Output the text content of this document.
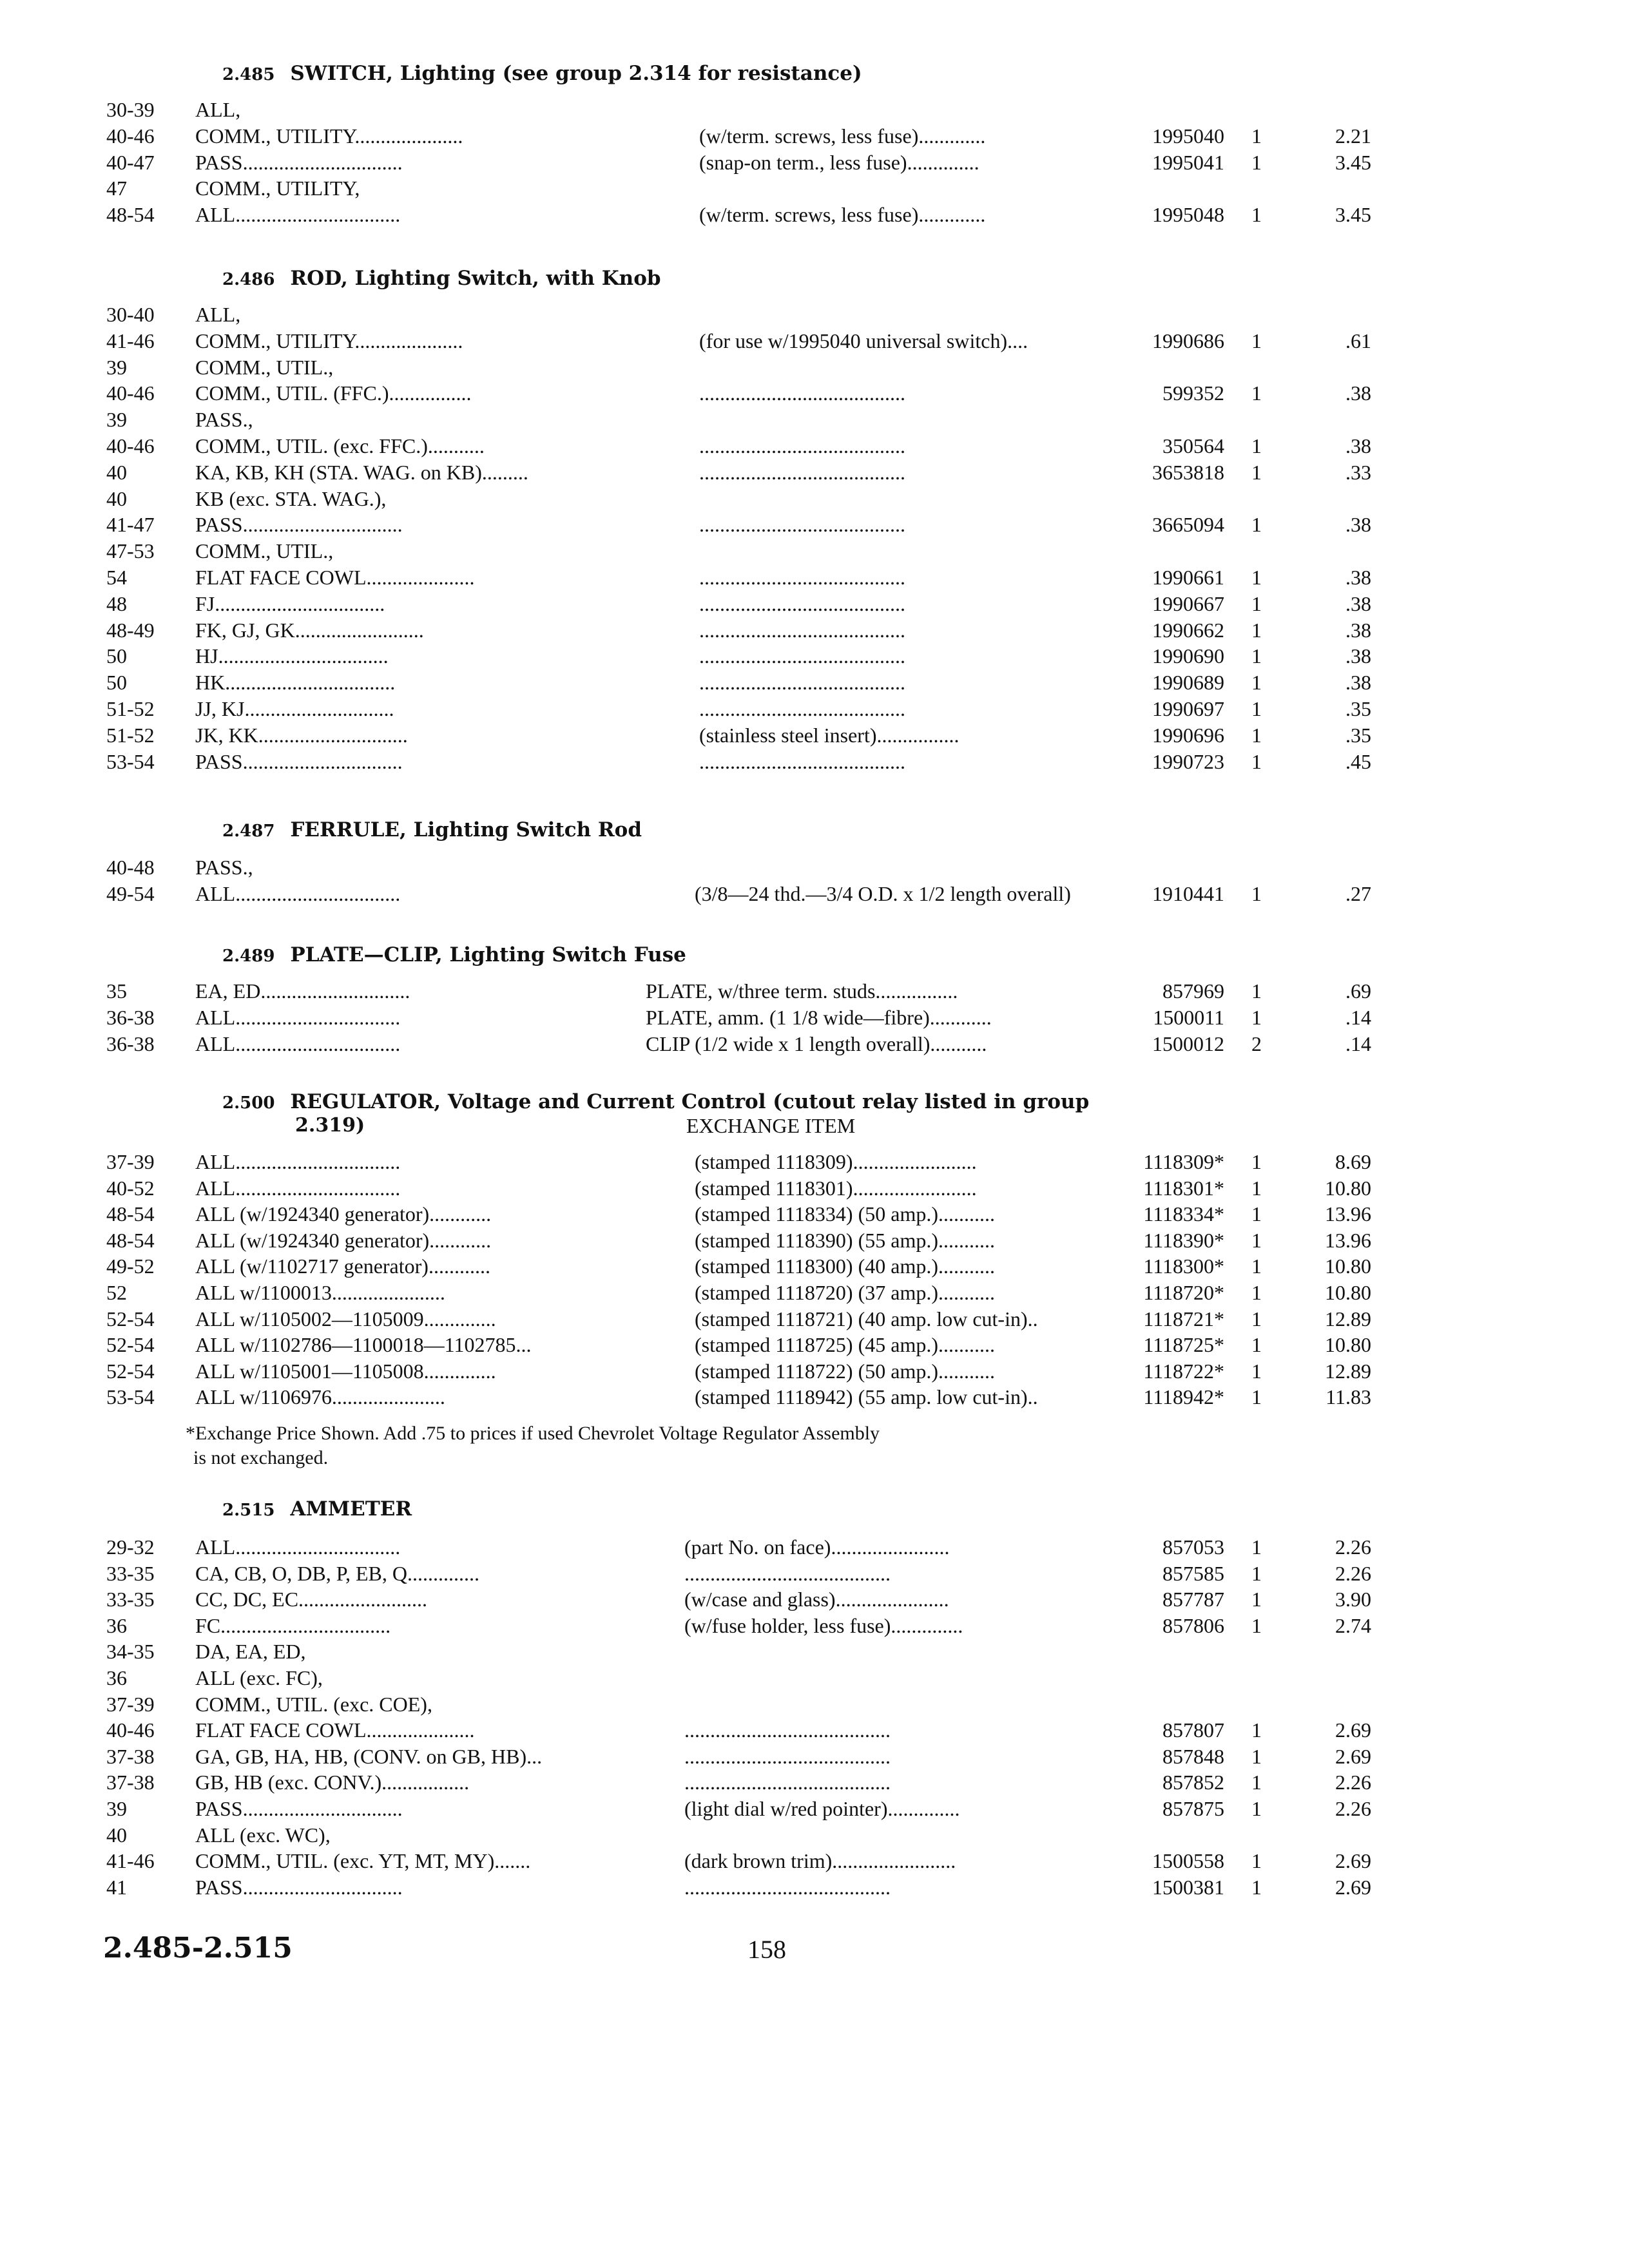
2.485 SWITCH, Lighting (see group 2.314 for resistance)
30-39 ALL,
40-46 COMM., UTILITY.....................	(w/term. screws, less fuse).............	1995040 1	2.21
40-47 PASS...............................	(snap-on term., less fuse)..............	1995041 1	3.45
47	COMM., UTILITY,
48-54 ALL................................	(w/term. screws, less fuse).............	1995048 1	3.45
2.486 ROD, Lighting Switch, with Knob
30-40 ALL,
41-46 COMM., UTILITY.....................	(for use w/1995040 universal switch)....	1990686 1	.61
39	COMM., UTIL.,
40-46 COMM., UTIL. (FFC.)................	........................................	599352 1	.38
39	PASS.,
40-46 COMM., UTIL. (exc. FFC.)...........	........................................	350564 1	.38
40	KA, KB, KH (STA. WAG. on KB).........	........................................	3653818 1	.33
40	KB (exc. STA. WAG.),
41-47 PASS...............................	........................................	3665094 1	.38
47-53 COMM., UTIL.,
54	FLAT FACE COWL.....................	........................................	1990661 1	.38
48	FJ.................................	........................................	1990667 1	.38
48-49 FK, GJ, GK.........................	........................................	1990662 1	.38
50	HJ.................................	........................................	1990690 1	.38
50	HK.................................	........................................	1990689 1	.38
51-52 JJ, KJ.............................	........................................	1990697 1	.35
51-52 JK, KK.............................	(stainless steel insert)................	1990696 1	.35
53-54 PASS...............................	........................................	1990723 1	.45
2.487 FERRULE, Lighting Switch Rod
40-48 PASS.,
49-54 ALL................................	(3/8—24 thd.—3/4 O.D. x 1/2 length overall)	1910441 1	.27
2.489 PLATE—CLIP, Lighting Switch Fuse
35	EA, ED.............................	PLATE, w/three term. studs................	857969 1	.69
36-38 ALL................................	PLATE, amm. (1 1/8 wide—fibre)............	1500011 1	.14
36-38 ALL................................	CLIP (1/2 wide x 1 length overall)...........	1500012 2	.14
2.500 REGULATOR, Voltage and Current Control (cutout relay listed in group
2.319)	EXCHANGE ITEM
37-39 ALL................................	(stamped 1118309)........................	1118309* 1	8.69
40-52 ALL................................	(stamped 1118301)........................	1118301* 1	10.80
48-54 ALL (w/1924340 generator)............	(stamped 1118334) (50 amp.)...........	1118334* 1	13.96
48-54 ALL (w/1924340 generator)............	(stamped 1118390) (55 amp.)...........	1118390* 1	13.96
49-52 ALL (w/1102717 generator)............	(stamped 1118300) (40 amp.)...........	1118300* 1	10.80
52	ALL w/1100013......................	(stamped 1118720) (37 amp.)...........	1118720* 1	10.80
52-54 ALL w/1105002—1105009..............	(stamped 1118721) (40 amp. low cut-in)..	1118721* 1	12.89
52-54 ALL w/1102786—1100018—1102785...	(stamped 1118725) (45 amp.)...........	1118725* 1	10.80
52-54 ALL w/1105001—1105008..............	(stamped 1118722) (50 amp.)...........	1118722* 1	12.89
53-54 ALL w/1106976......................	(stamped 1118942) (55 amp. low cut-in)..	1118942* 1	11.83
*Exchange Price Shown. Add .75 to prices if used Chevrolet Voltage Regulator Assembly
is not exchanged.
2.515 AMMETER
29-32 ALL................................	(part No. on face).......................	857053 1	2.26
33-35 CA, CB, O, DB, P, EB, Q..............	........................................	857585 1	2.26
33-35 CC, DC, EC.........................	(w/case and glass)......................	857787 1	3.90
36	FC.................................	(w/fuse holder, less fuse)..............	857806 1	2.74
34-35 DA, EA, ED,
36	ALL (exc. FC),
37-39 COMM., UTIL. (exc. COE),
40-46 FLAT FACE COWL.....................	........................................	857807 1	2.69
37-38 GA, GB, HA, HB, (CONV. on GB, HB)...	........................................	857848 1	2.69
37-38 GB, HB (exc. CONV.).................	........................................	857852 1	2.26
39	PASS...............................	(light dial w/red pointer)..............	857875 1	2.26
40	ALL (exc. WC),
41-46 COMM., UTIL. (exc. YT, MT, MY).......	(dark brown trim)........................	1500558 1	2.69
41	PASS...............................	........................................	1500381 1	2.69
2.485-2.515	158
